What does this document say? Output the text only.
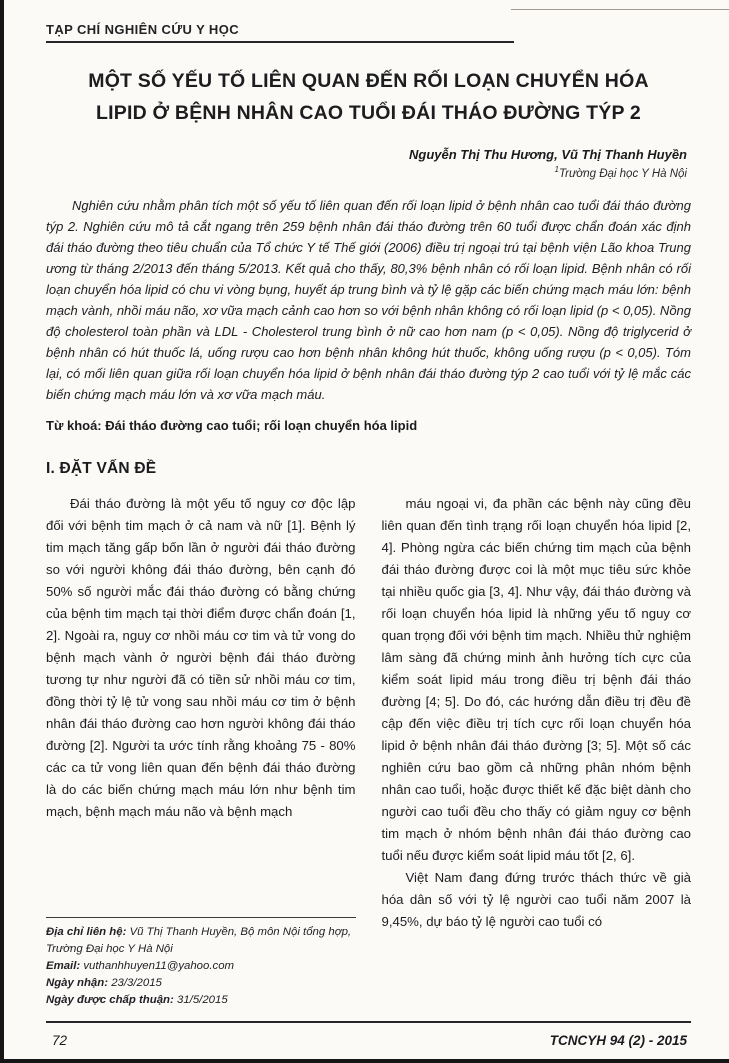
TẠP CHÍ NGHIÊN CỨU Y HỌC
MỘT SỐ YẾU TỐ LIÊN QUAN ĐẾN RỐI LOẠN CHUYỂN HÓA
LIPID Ở BỆNH NHÂN CAO TUỔI ĐÁI THÁO ĐƯỜNG TÝP 2
Nguyễn Thị Thu Hương, Vũ Thị Thanh Huyền
$^1$Trường Đại học Y Hà Nội

Nghiên cứu nhằm phân tích một số yếu tố liên quan đến rối loạn lipid ở bệnh nhân cao tuổi đái tháo đường týp 2. Nghiên cứu mô tả cắt ngang trên 259 bệnh nhân đái tháo đường trên 60 tuổi được chẩn đoán xác định đái tháo đường theo tiêu chuẩn của Tổ chức Y tế Thế giới (2006) điều trị ngoại trú tại bệnh viện Lão khoa Trung ương từ tháng 2/2013 đến tháng 5/2013. Kết quả cho thấy, 80,3% bệnh nhân có rối loạn lipid. Bệnh nhân có rối loạn chuyển hóa lipid có chu vi vòng bụng, huyết áp trung bình và tỷ lệ gặp các biến chứng mạch máu lớn: bệnh mạch vành, nhồi máu não, xơ vữa mạch cảnh cao hơn so với bệnh nhân không có rối loạn lipid (p < 0,05). Nồng độ cholesterol toàn phần và LDL - Cholesterol trung bình ở nữ cao hơn nam (p < 0,05). Nồng độ triglycerid ở bệnh nhân có hút thuốc lá, uống rượu cao hơn bệnh nhân không hút thuốc, không uống rượu (p < 0,05). Tóm lại, có mối liên quan giữa rối loạn chuyển hóa lipid ở bệnh nhân đái tháo đường týp 2 cao tuổi với tỷ lệ mắc các biến chứng mạch máu lớn và xơ vữa mạch máu.

Từ khoá: Đái tháo đường cao tuổi; rối loạn chuyển hóa lipid

I. ĐẶT VẤN ĐỀ

Đái tháo đường là một yếu tố nguy cơ độc lập đối với bệnh tim mạch ở cả nam và nữ [1]. Bệnh lý tim mạch tăng gấp bốn lần ở người đái tháo đường so với người không đái tháo đường, bên cạnh đó 50% số người mắc đái tháo đường có bằng chứng của bệnh tim mạch tại thời điểm được chẩn đoán [1, 2]. Ngoài ra, nguy cơ nhồi máu cơ tim và tử vong do bệnh mạch vành ở người bệnh đái tháo đường tương tự như người đã có tiền sử nhồi máu cơ tim, đồng thời tỷ lệ tử vong sau nhồi máu cơ tim ở bệnh nhân đái tháo đường cao hơn người không đái tháo đường [2]. Người ta ước tính rằng khoảng 75 - 80% các ca tử vong liên quan đến bệnh đái tháo đường là do các biến chứng mạch máu lớn như bệnh tim mạch, bệnh mạch máu não và bệnh mạch

Địa chỉ liên hệ: Vũ Thị Thanh Huyền, Bộ môn Nội tổng hợp, Trường Đại học Y Hà Nội

Email: vuthanhhuyen11@yahoo.com

Ngày nhận: 23/3/2015

Ngày được chấp thuận: 31/5/2015

máu ngoại vi, đa phần các bệnh này cũng đều liên quan đến tình trạng rối loạn chuyển hóa lipid [2, 4]. Phòng ngừa các biến chứng tim mạch của bệnh đái tháo đường được coi là một mục tiêu sức khỏe tại nhiều quốc gia [3, 4]. Như vậy, đái tháo đường và rối loạn chuyển hóa lipid là những yếu tố nguy cơ quan trọng đối với bệnh tim mạch. Nhiều thử nghiệm lâm sàng đã chứng minh ảnh hưởng tích cực của kiểm soát lipid máu trong điều trị bệnh đái tháo đường [4; 5]. Do đó, các hướng dẫn điều trị đều đề cập đến việc điều trị tích cực rối loạn chuyển hóa lipid ở bệnh nhân đái tháo đường [3; 5]. Một số các nghiên cứu bao gồm cả những phân nhóm bệnh nhân cao tuổi, hoặc được thiết kế đặc biệt dành cho người cao tuổi đều cho thấy có giảm nguy cơ bệnh tim mạch ở nhóm bệnh nhân đái tháo đường cao tuổi nếu được kiểm soát lipid máu tốt [2, 6].

Việt Nam đang đứng trước thách thức về già hóa dân số với tỷ lệ người cao tuổi năm 2007 là 9,45%, dự báo tỷ lệ người cao tuổi có

72	TCNCYH 94 (2) - 2015
